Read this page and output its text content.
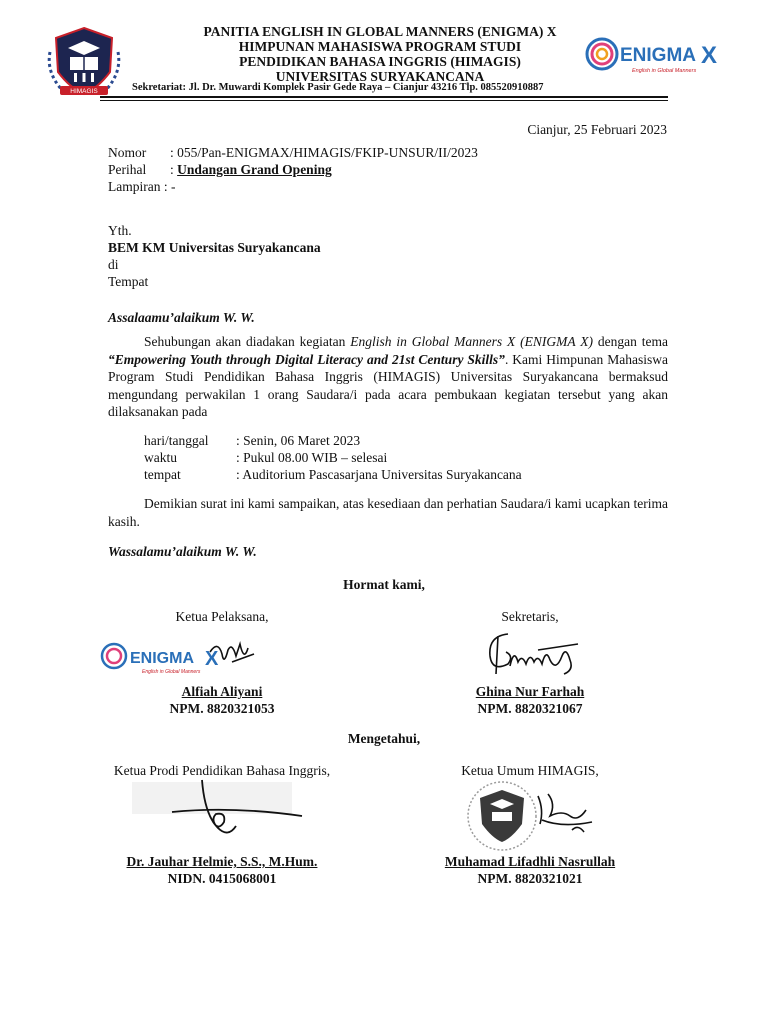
HIMAGIS
PANITIA ENGLISH IN GLOBAL MANNERS (ENIGMA) X
HIMPUNAN MAHASISWA PROGRAM STUDI
PENDIDIKAN BAHASA INGGRIS (HIMAGIS)
UNIVERSITAS SURYAKANCANA
ENIGMA X
English in Global Manners
Sekretariat: Jl. Dr. Muwardi Komplek Pasir Gede Raya – Cianjur 43216 Tlp. 085520910887
Cianjur, 25 Februari 2023
Nomor : 055/Pan-ENIGMAX/HIMAGIS/FKIP-UNSUR/II/2023
Perihal : Undangan Grand Opening
Lampiran : -
Yth.
BEM KM Universitas Suryakancana
di
Tempat
Assalaamu’alaikum W. W.
Sehubungan akan diadakan kegiatan English in Global Manners X (ENIGMA X) dengan tema “Empowering Youth through Digital Literacy and 21st Century Skills”. Kami Himpunan Mahasiswa Program Studi Pendidikan Bahasa Inggris (HIMAGIS) Universitas Suryakancana bermaksud mengundang perwakilan 1 orang Saudara/i pada acara pembukaan kegiatan tersebut yang akan dilaksanakan pada
hari/tanggal : Senin, 06 Maret 2023
waktu	: Pukul 08.00 WIB – selesai
tempat	: Auditorium Pascasarjana Universitas Suryakancana
Demikian surat ini kami sampaikan, atas kesediaan dan perhatian Saudara/i kami ucapkan terima kasih.
Wassalamu’alaikum W. W.
Hormat kami,
Ketua Pelaksana,
ENIGMA X
English in Global Manners
Alfiah Aliyani
NPM. 8820321053
Sekretaris,
Ghina Nur Farhah
NPM. 8820321067
Mengetahui,
Ketua Prodi Pendidikan Bahasa Inggris,
Dr. Jauhar Helmie, S.S., M.Hum.
NIDN. 0415068001
Ketua Umum HIMAGIS,
Muhamad Lifadhli Nasrullah
NPM. 8820321021
